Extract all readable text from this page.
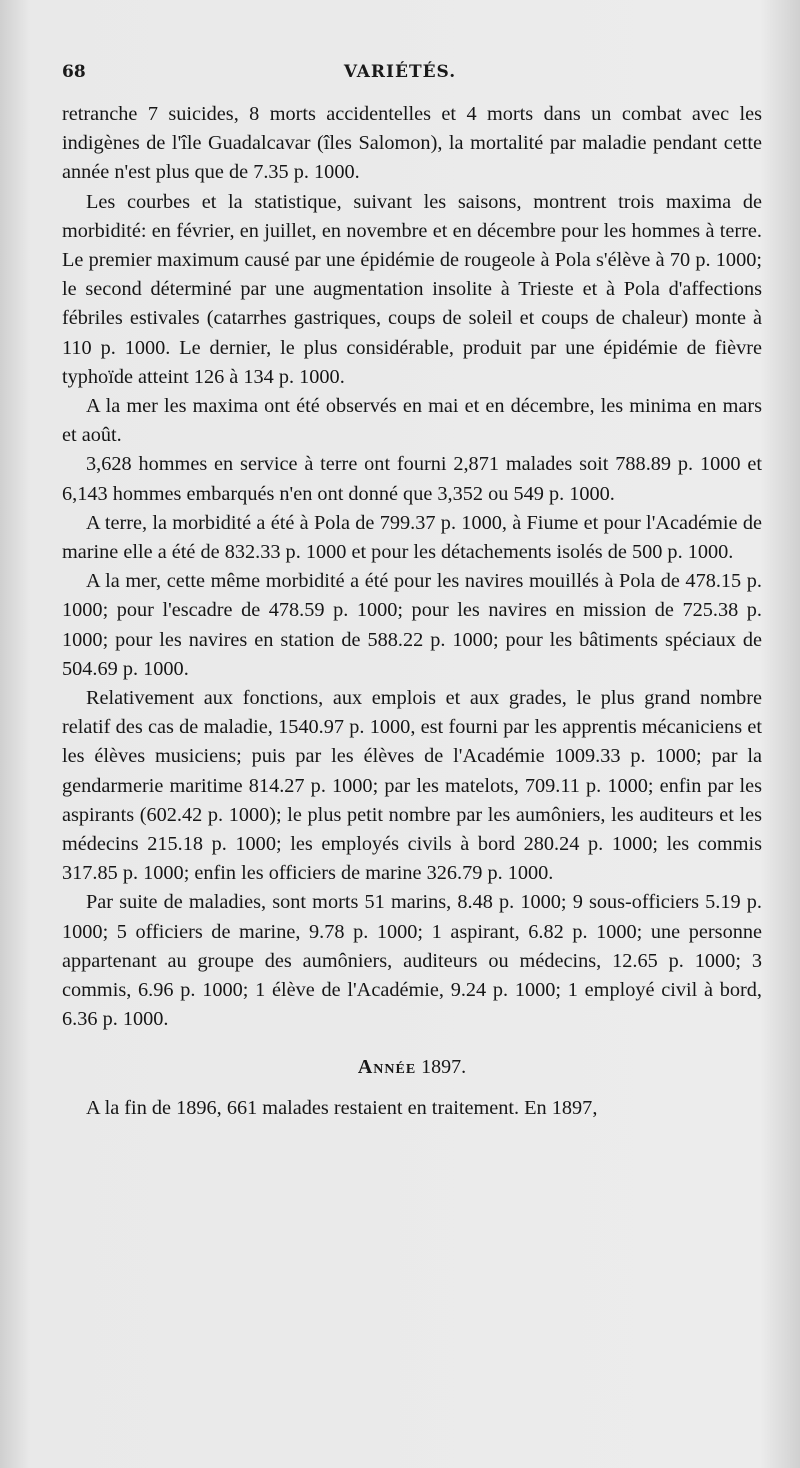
68	VARIÉTÉS.

retranche 7 suicides, 8 morts accidentelles et 4 morts dans un combat avec les indigènes de l'île Guadalcavar (îles Salomon), la mortalité par maladie pendant cette année n'est plus que de 7.35 p. 1000.

Les courbes et la statistique, suivant les saisons, montrent trois maxima de morbidité: en février, en juillet, en novembre et en décembre pour les hommes à terre. Le premier maximum causé par une épidémie de rougeole à Pola s'élève à 70 p. 1000; le second déterminé par une augmentation insolite à Trieste et à Pola d'affections fébriles estivales (catarrhes gastriques, coups de soleil et coups de chaleur) monte à 110 p. 1000. Le dernier, le plus considérable, produit par une épidémie de fièvre typhoïde atteint 126 à 134 p. 1000.

A la mer les maxima ont été observés en mai et en décembre, les minima en mars et août.

3,628 hommes en service à terre ont fourni 2,871 malades soit 788.89 p. 1000 et 6,143 hommes embarqués n'en ont donné que 3,352 ou 549 p. 1000.

A terre, la morbidité a été à Pola de 799.37 p. 1000, à Fiume et pour l'Académie de marine elle a été de 832.33 p. 1000 et pour les détachements isolés de 500 p. 1000.

A la mer, cette même morbidité a été pour les navires mouillés à Pola de 478.15 p. 1000; pour l'escadre de 478.59 p. 1000; pour les navires en mission de 725.38 p. 1000; pour les navires en station de 588.22 p. 1000; pour les bâtiments spéciaux de 504.69 p. 1000.

Relativement aux fonctions, aux emplois et aux grades, le plus grand nombre relatif des cas de maladie, 1540.97 p. 1000, est fourni par les apprentis mécaniciens et les élèves musiciens; puis par les élèves de l'Académie 1009.33 p. 1000; par la gendarmerie maritime 814.27 p. 1000; par les matelots, 709.11 p. 1000; enfin par les aspirants (602.42 p. 1000); le plus petit nombre par les aumôniers, les auditeurs et les médecins 215.18 p. 1000; les employés civils à bord 280.24 p. 1000; les commis 317.85 p. 1000; enfin les officiers de marine 326.79 p. 1000.

Par suite de maladies, sont morts 51 marins, 8.48 p. 1000; 9 sous-officiers 5.19 p. 1000; 5 officiers de marine, 9.78 p. 1000; 1 aspirant, 6.82 p. 1000; une personne appartenant au groupe des aumôniers, auditeurs ou médecins, 12.65 p. 1000; 3 commis, 6.96 p. 1000; 1 élève de l'Académie, 9.24 p. 1000; 1 employé civil à bord, 6.36 p. 1000.

Année 1897.

A la fin de 1896, 661 malades restaient en traitement. En 1897,
